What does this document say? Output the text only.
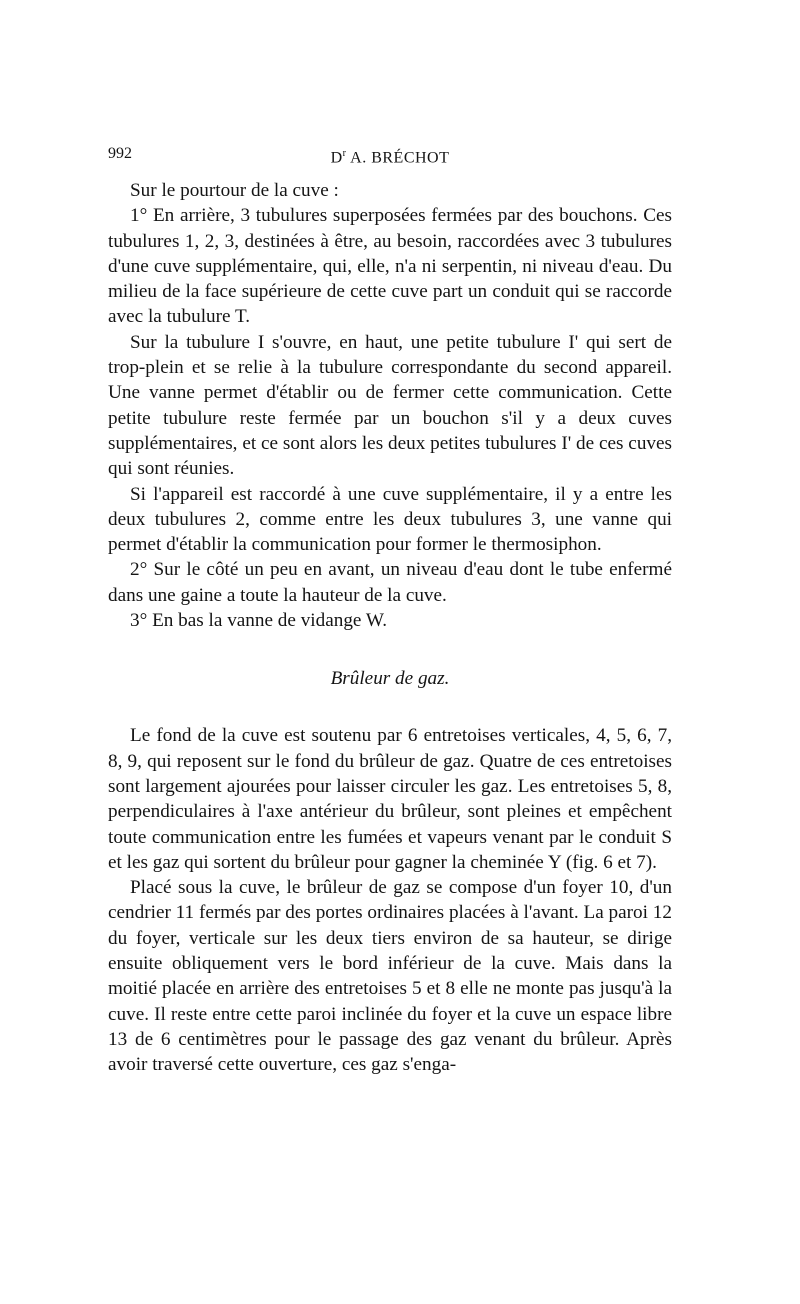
992	$D^r$ A. BRÉCHOT

Sur le pourtour de la cuve :

1° En arrière, 3 tubulures superposées fermées par des bouchons. Ces tubulures 1, 2, 3, destinées à être, au besoin, raccordées avec 3 tubulures d'une cuve supplémentaire, qui, elle, n'a ni serpentin, ni niveau d'eau. Du milieu de la face supérieure de cette cuve part un conduit qui se raccorde avec la tubulure T.

Sur la tubulure I s'ouvre, en haut, une petite tubulure I' qui sert de trop-plein et se relie à la tubulure correspondante du second appareil. Une vanne permet d'établir ou de fermer cette communication. Cette petite tubulure reste fermée par un bouchon s'il y a deux cuves supplémentaires, et ce sont alors les deux petites tubulures I' de ces cuves qui sont réunies.

Si l'appareil est raccordé à une cuve supplémentaire, il y a entre les deux tubulures 2, comme entre les deux tubulures 3, une vanne qui permet d'établir la communication pour former le thermosiphon.

2° Sur le côté un peu en avant, un niveau d'eau dont le tube enfermé dans une gaine a toute la hauteur de la cuve.

3° En bas la vanne de vidange W.

Brûleur de gaz.

Le fond de la cuve est soutenu par 6 entretoises verticales, 4, 5, 6, 7, 8, 9, qui reposent sur le fond du brûleur de gaz. Quatre de ces entretoises sont largement ajourées pour laisser circuler les gaz. Les entretoises 5, 8, perpendiculaires à l'axe antérieur du brûleur, sont pleines et empêchent toute communication entre les fumées et vapeurs venant par le conduit S et les gaz qui sortent du brûleur pour gagner la cheminée Y (fig. 6 et 7).

Placé sous la cuve, le brûleur de gaz se compose d'un foyer 10, d'un cendrier 11 fermés par des portes ordinaires placées à l'avant. La paroi 12 du foyer, verticale sur les deux tiers environ de sa hauteur, se dirige ensuite obliquement vers le bord inférieur de la cuve. Mais dans la moitié placée en arrière des entretoises 5 et 8 elle ne monte pas jusqu'à la cuve. Il reste entre cette paroi inclinée du foyer et la cuve un espace libre 13 de 6 centimètres pour le passage des gaz venant du brûleur. Après avoir traversé cette ouverture, ces gaz s'enga-
